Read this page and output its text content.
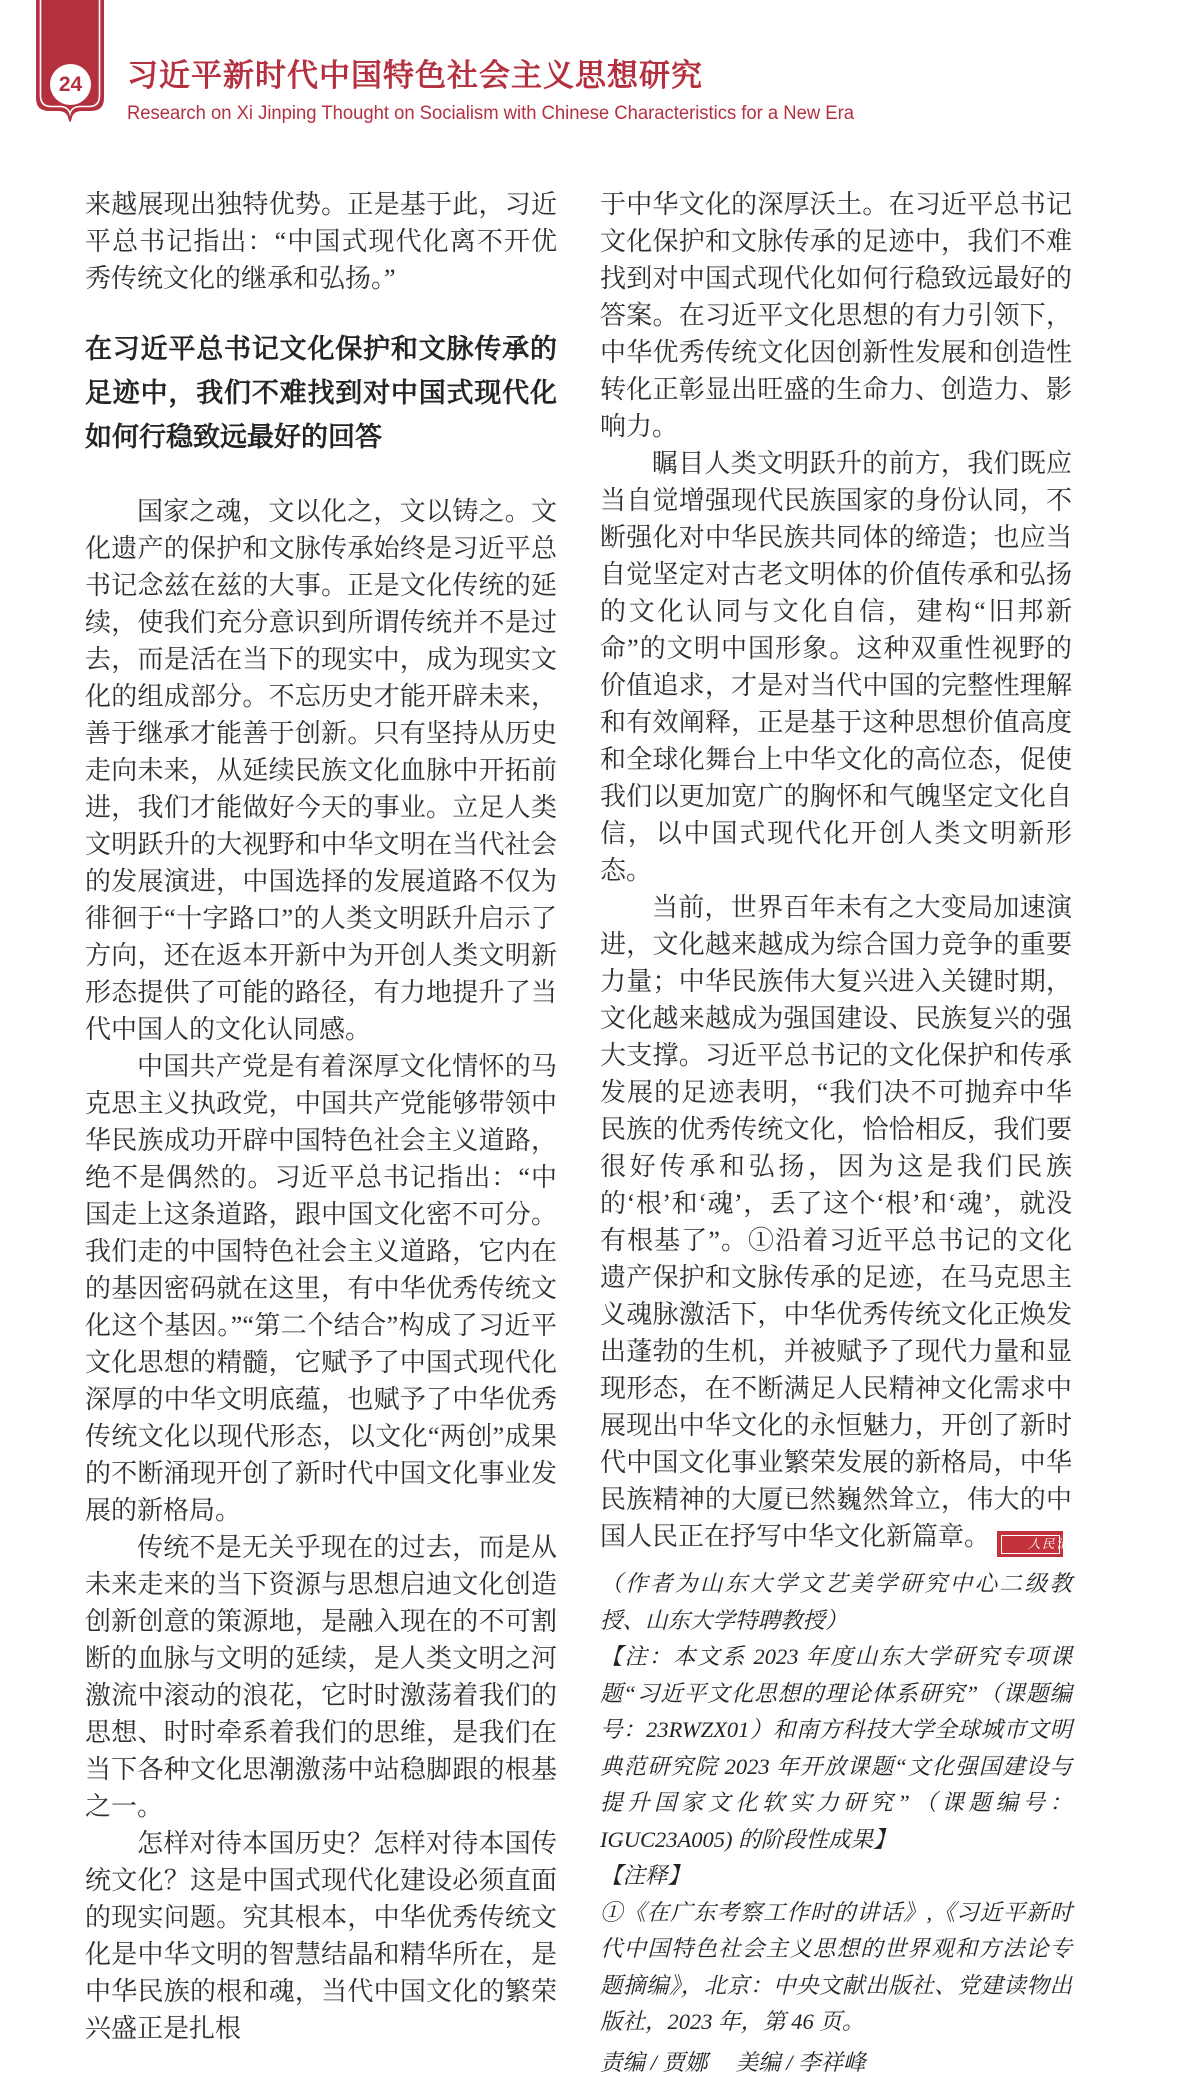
24 习近平新时代中国特色社会主义思想研究
Research on Xi Jinping Thought on Socialism with Chinese Characteristics for a New Era

来越展现出独特优势。正是基于此，习近平总书记指出：“中国式现代化离不开优秀传统文化的继承和弘扬。”

在习近平总书记文化保护和文脉传承的足迹中，我们不难找到对中国式现代化如何行稳致远最好的回答

国家之魂，文以化之，文以铸之。文化遗产的保护和文脉传承始终是习近平总书记念兹在兹的大事。正是文化传统的延续，使我们充分意识到所谓传统并不是过去，而是活在当下的现实中，成为现实文化的组成部分。不忘历史才能开辟未来，善于继承才能善于创新。只有坚持从历史走向未来，从延续民族文化血脉中开拓前进，我们才能做好今天的事业。立足人类文明跃升的大视野和中华文明在当代社会的发展演进，中国选择的发展道路不仅为徘徊于“十字路口”的人类文明跃升启示了方向，还在返本开新中为开创人类文明新形态提供了可能的路径，有力地提升了当代中国人的文化认同感。

中国共产党是有着深厚文化情怀的马克思主义执政党，中国共产党能够带领中华民族成功开辟中国特色社会主义道路，绝不是偶然的。习近平总书记指出：“中国走上这条道路，跟中国文化密不可分。我们走的中国特色社会主义道路，它内在的基因密码就在这里，有中华优秀传统文化这个基因。”“第二个结合”构成了习近平文化思想的精髓，它赋予了中国式现代化深厚的中华文明底蕴，也赋予了中华优秀传统文化以现代形态，以文化“两创”成果的不断涌现开创了新时代中国文化事业发展的新格局。

传统不是无关乎现在的过去，而是从未来走来的当下资源与思想启迪文化创造创新创意的策源地，是融入现在的不可割断的血脉与文明的延续，是人类文明之河激流中滚动的浪花，它时时激荡着我们的思想、时时牵系着我们的思维，是我们在当下各种文化思潮激荡中站稳脚跟的根基之一。

怎样对待本国历史？怎样对待本国传统文化？这是中国式现代化建设必须直面的现实问题。究其根本，中华优秀传统文化是中华文明的智慧结晶和精华所在，是中华民族的根和魂，当代中国文化的繁荣兴盛正是扎根

于中华文化的深厚沃土。在习近平总书记文化保护和文脉传承的足迹中，我们不难找到对中国式现代化如何行稳致远最好的答案。在习近平文化思想的有力引领下，中华优秀传统文化因创新性发展和创造性转化正彰显出旺盛的生命力、创造力、影响力。

瞩目人类文明跃升的前方，我们既应当自觉增强现代民族国家的身份认同，不断强化对中华民族共同体的缔造；也应当自觉坚定对古老文明体的价值传承和弘扬的文化认同与文化自信，建构“旧邦新命”的文明中国形象。这种双重性视野的价值追求，才是对当代中国的完整性理解和有效阐释，正是基于这种思想价值高度和全球化舞台上中华文化的高位态，促使我们以更加宽广的胸怀和气魄坚定文化自信，以中国式现代化开创人类文明新形态。

当前，世界百年未有之大变局加速演进，文化越来越成为综合国力竞争的重要力量；中华民族伟大复兴进入关键时期，文化越来越成为强国建设、民族复兴的强大支撑。习近平总书记的文化保护和传承发展的足迹表明，“我们决不可抛弃中华民族的优秀传统文化，恰恰相反，我们要很好传承和弘扬，因为这是我们民族的‘根’和‘魂’，丢了这个‘根’和‘魂’，就没有根基了”。①沿着习近平总书记的文化遗产保护和文脉传承的足迹，在马克思主义魂脉激活下，中华优秀传统文化正焕发出蓬勃的生机，并被赋予了现代力量和显现形态，在不断满足人民精神文化需求中展现出中华文化的永恒魅力，开创了新时代中国文化事业繁荣发展的新格局，中华民族精神的大厦已然巍然耸立，伟大的中国人民正在抒写中华文化新篇章。	人民论坛

（作者为山东大学文艺美学研究中心二级教授、山东大学特聘教授）

【注：本文系 2023 年度山东大学研究专项课题“习近平文化思想的理论体系研究”（课题编号：23RWZX01）和南方科技大学全球城市文明典范研究院 2023 年开放课题“文化强国建设与提升国家文化软实力研究”（课题编号：IGUC23A005) 的阶段性成果】

【注释】

①《在广东考察工作时的讲话》,《习近平新时代中国特色社会主义思想的世界观和方法论专题摘编》，北京：中央文献出版社、党建读物出版社，2023 年，第 46 页。

责编 / 贾娜　 美编 / 李祥峰
